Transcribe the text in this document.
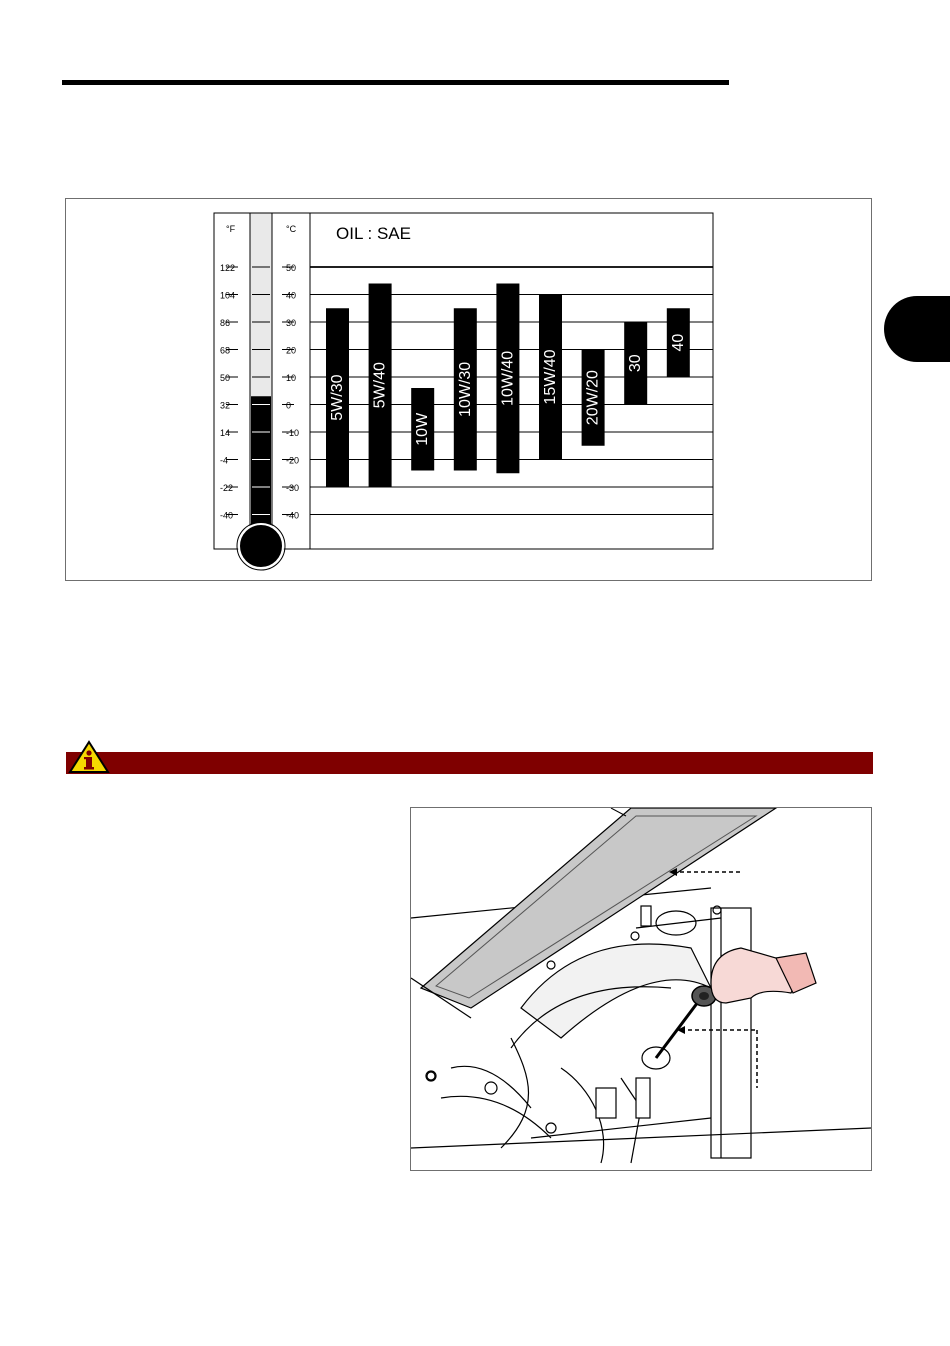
°F	°C OIL : SAE
50
122
40
104
30
86
20
68
10
50
0
32
-10
14
-20
-4
-30
-22
-40
-40
5W/30 5W/40
10W
10W/30 10W/40 15W/40 20W/20
30
40
